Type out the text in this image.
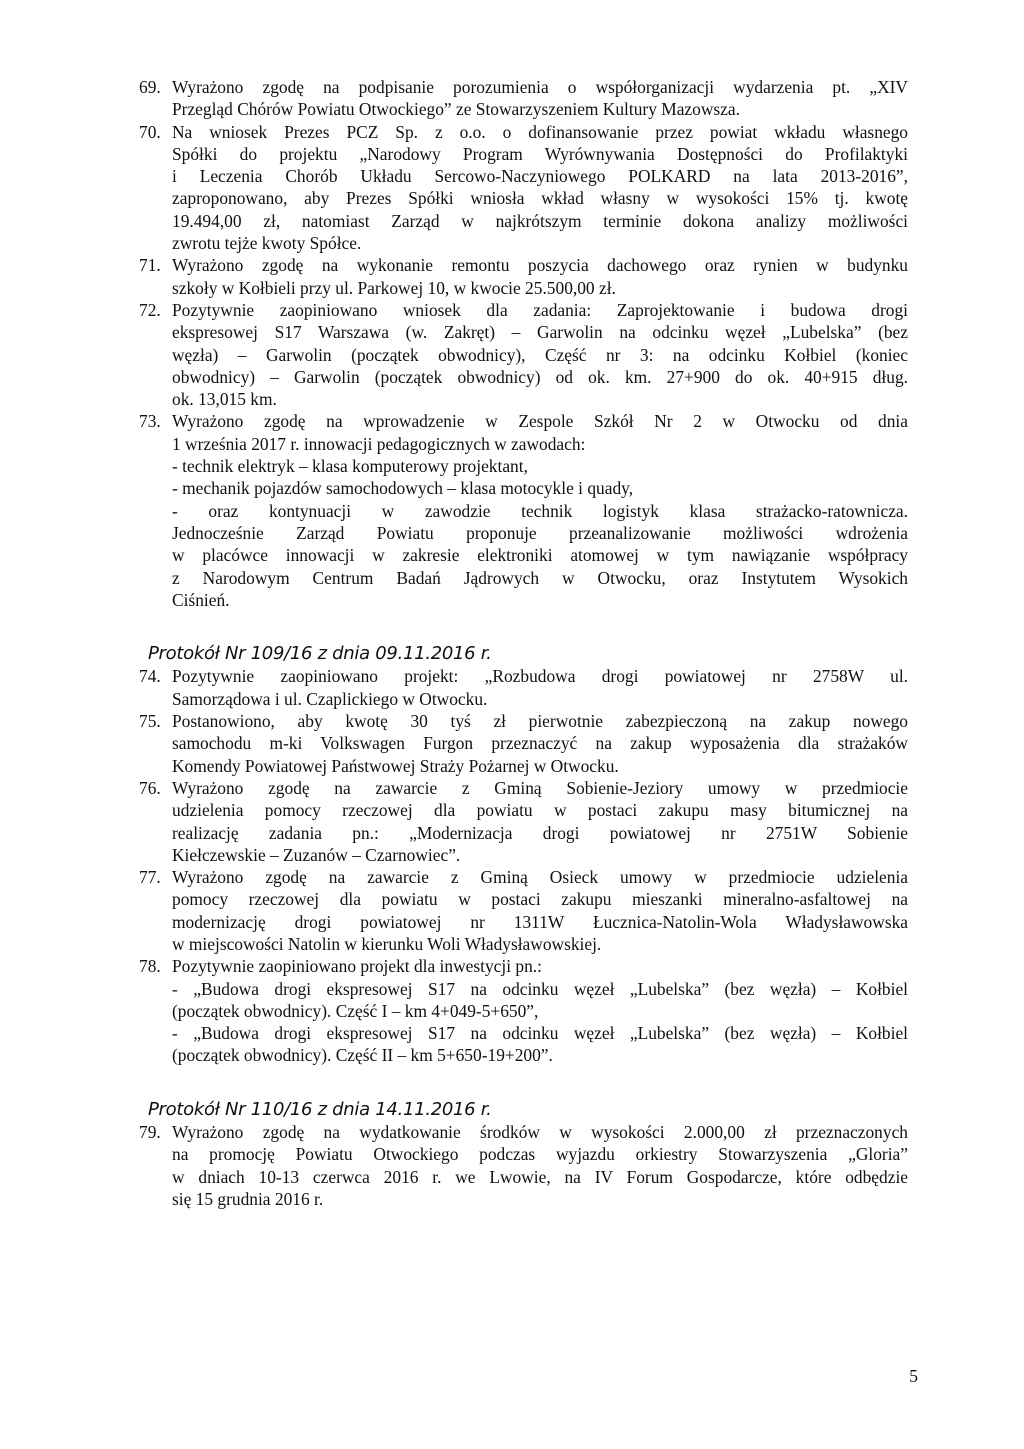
69. Wyrażono zgodę na podpisanie porozumienia o współorganizacji wydarzenia pt. „XIV
Przegląd Chórów Powiatu Otwockiego” ze Stowarzyszeniem Kultury Mazowsza.
70. Na wniosek Prezes PCZ Sp. z o.o. o dofinansowanie przez powiat wkładu własnego
Spółki do projektu „Narodowy Program Wyrównywania Dostępności do Profilaktyki
i Leczenia Chorób Układu Sercowo-Naczyniowego POLKARD na lata 2013-2016”,
zaproponowano, aby Prezes Spółki wniosła wkład własny w wysokości 15% tj. kwotę
19.494,00 zł, natomiast Zarząd w najkrótszym terminie dokona analizy możliwości
zwrotu tejże kwoty Spółce.
71. Wyrażono zgodę na wykonanie remontu poszycia dachowego oraz rynien w budynku
szkoły w Kołbieli przy ul. Parkowej 10, w kwocie 25.500,00 zł.
72. Pozytywnie zaopiniowano wniosek dla zadania: Zaprojektowanie i budowa drogi
ekspresowej S17 Warszawa (w. Zakręt) – Garwolin na odcinku węzeł „Lubelska” (bez
węzła) – Garwolin (początek obwodnicy), Część nr 3: na odcinku Kołbiel (koniec
obwodnicy) – Garwolin (początek obwodnicy) od ok. km. 27+900 do ok. 40+915 dług.
ok. 13,015 km.
73. Wyrażono zgodę na wprowadzenie w Zespole Szkół Nr 2 w Otwocku od dnia
1 września 2017 r. innowacji pedagogicznych w zawodach:
- technik elektryk – klasa komputerowy projektant,
- mechanik pojazdów samochodowych – klasa motocykle i quady,
- oraz kontynuacji w zawodzie technik logistyk klasa strażacko-ratownicza.
Jednocześnie Zarząd Powiatu proponuje przeanalizowanie możliwości wdrożenia
w placówce innowacji w zakresie elektroniki atomowej w tym nawiązanie współpracy
z Narodowym Centrum Badań Jądrowych w Otwocku, oraz Instytutem Wysokich
Ciśnień.
Protokół Nr 109/16 z dnia 09.11.2016 r.
74. Pozytywnie zaopiniowano projekt: „Rozbudowa drogi powiatowej nr 2758W ul.
Samorządowa i ul. Czaplickiego w Otwocku.
75. Postanowiono, aby kwotę 30 tyś zł pierwotnie zabezpieczoną na zakup nowego
samochodu m-ki Volkswagen Furgon przeznaczyć na zakup wyposażenia dla strażaków
Komendy Powiatowej Państwowej Straży Pożarnej w Otwocku.
76. Wyrażono zgodę na zawarcie z Gminą Sobienie-Jeziory umowy w przedmiocie
udzielenia pomocy rzeczowej dla powiatu w postaci zakupu masy bitumicznej na
realizację zadania pn.: „Modernizacja drogi powiatowej nr 2751W Sobienie
Kiełczewskie – Zuzanów – Czarnowiec”.
77. Wyrażono zgodę na zawarcie z Gminą Osieck umowy w przedmiocie udzielenia
pomocy rzeczowej dla powiatu w postaci zakupu mieszanki mineralno-asfaltowej na
modernizację drogi powiatowej nr 1311W Łucznica-Natolin-Wola Władysławowska
w miejscowości Natolin w kierunku Woli Władysławowskiej.
78. Pozytywnie zaopiniowano projekt dla inwestycji pn.:
- „Budowa drogi ekspresowej S17 na odcinku węzeł „Lubelska” (bez węzła) – Kołbiel
(początek obwodnicy). Część I – km 4+049-5+650”,
- „Budowa drogi ekspresowej S17 na odcinku węzeł „Lubelska” (bez węzła) – Kołbiel
(początek obwodnicy). Część II – km 5+650-19+200”.
Protokół Nr 110/16 z dnia 14.11.2016 r.
79. Wyrażono zgodę na wydatkowanie środków w wysokości 2.000,00 zł przeznaczonych
na promocję Powiatu Otwockiego podczas wyjazdu orkiestry Stowarzyszenia „Gloria”
w dniach 10-13 czerwca 2016 r. we Lwowie, na IV Forum Gospodarcze, które odbędzie
się 15 grudnia 2016 r.
5
